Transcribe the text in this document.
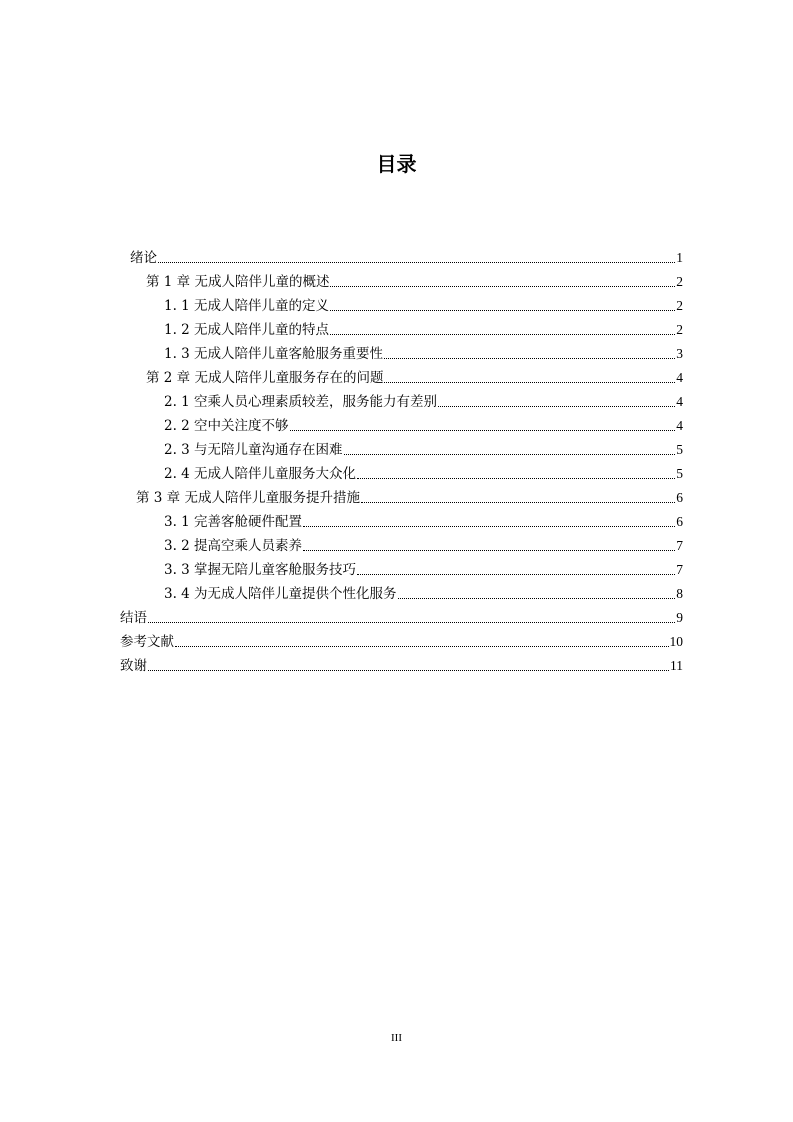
目录
绪论	1
第 1 章 无成人陪伴儿童的概述	2
1. 1 无成人陪伴儿童的定义	2
1. 2 无成人陪伴儿童的特点	2
1. 3 无成人陪伴儿童客舱服务重要性	3
第 2 章 无成人陪伴儿童服务存在的问题	4
2. 1 空乘人员心理素质较差，服务能力有差别	4
2. 2 空中关注度不够	4
2. 3 与无陪儿童沟通存在困难	5
2. 4 无成人陪伴儿童服务大众化	5
第 3 章 无成人陪伴儿童服务提升措施	6
3. 1 完善客舱硬件配置	6
3. 2 提高空乘人员素养	7
3. 3 掌握无陪儿童客舱服务技巧	7
3. 4 为无成人陪伴儿童提供个性化服务	8
结语	9
参考文献	10
致谢	11
III
